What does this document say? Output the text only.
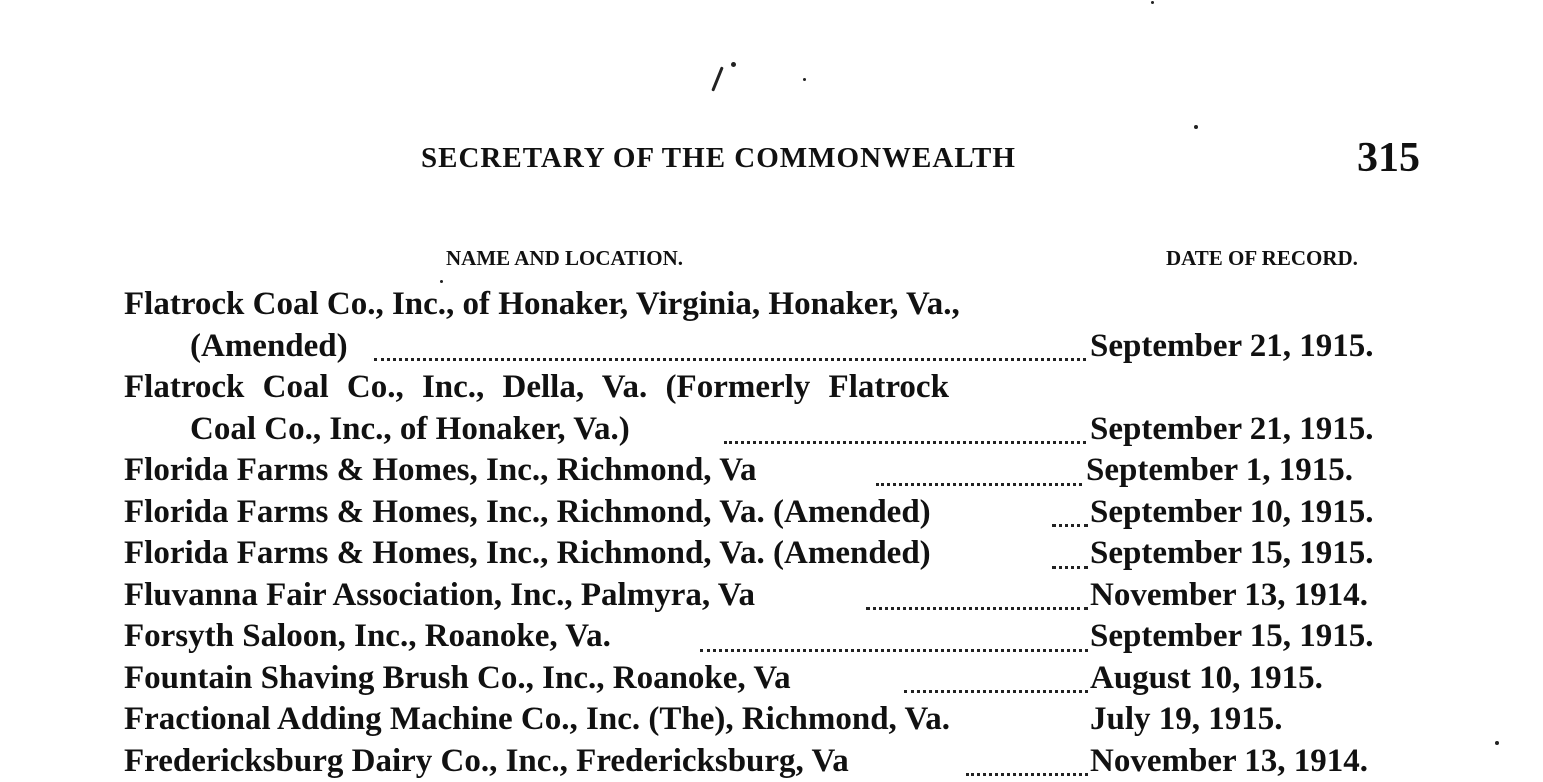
SECRETARY OF THE COMMONWEALTH	315
NAME AND LOCATION.	DATE OF RECORD.
Flatrock Coal Co., Inc., of Honaker, Virginia, Honaker, Va.,
(Amended)	September 21, 1915.
Flatrock Coal Co., Inc., Della, Va. (Formerly Flatrock
Coal Co., Inc., of Honaker, Va.)	September 21, 1915.
Florida Farms & Homes, Inc., Richmond, Va	September 1, 1915.
Florida Farms & Homes, Inc., Richmond, Va. (Amended)	September 10, 1915.
Florida Farms & Homes, Inc., Richmond, Va. (Amended)	September 15, 1915.
Fluvanna Fair Association, Inc., Palmyra, Va	November 13, 1914.
Forsyth Saloon, Inc., Roanoke, Va.	September 15, 1915.
Fountain Shaving Brush Co., Inc., Roanoke, Va	August 10, 1915.
Fractional Adding Machine Co., Inc. (The), Richmond, Va.	July 19, 1915.
Fredericksburg Dairy Co., Inc., Fredericksburg, Va	November 13, 1914.
